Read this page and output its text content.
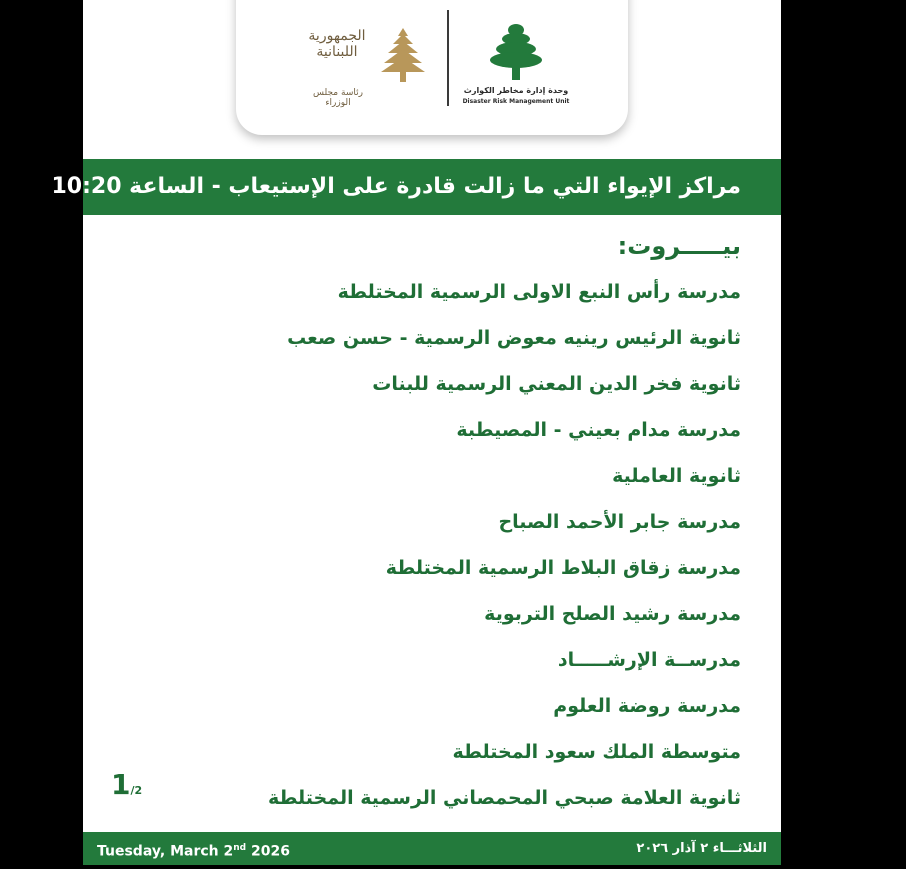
الجمهورية اللبنانية
رئاسة مجلس الوزراء
وحدة إدارة مخاطر الكوارث
Disaster Risk Management Unit
مراكز الإيواء التي ما زالت قادرة على الإستيعاب - الساعة 10:20
بيـــــروت:
مدرسة رأس النبع الاولى الرسمية المختلطة
ثانوية الرئيس رينيه معوض الرسمية - حسن صعب
ثانوية فخر الدين المعني الرسمية للبنات
مدرسة مدام بعيني - المصيطبة
ثانوية العاملية
مدرسة جابر الأحمد الصباح
مدرسة زقاق البلاط الرسمية المختلطة
مدرسة رشيد الصلح التربوية
مدرســة الإرشـــــاد
مدرسة روضة العلوم
متوسطة الملك سعود المختلطة
ثانوية العلامة صبحي المحمصاني الرسمية المختلطة
1/2
Tuesday, March 2nd 2026	الثلاثـــاء ٢ آذار ٢٠٢٦
